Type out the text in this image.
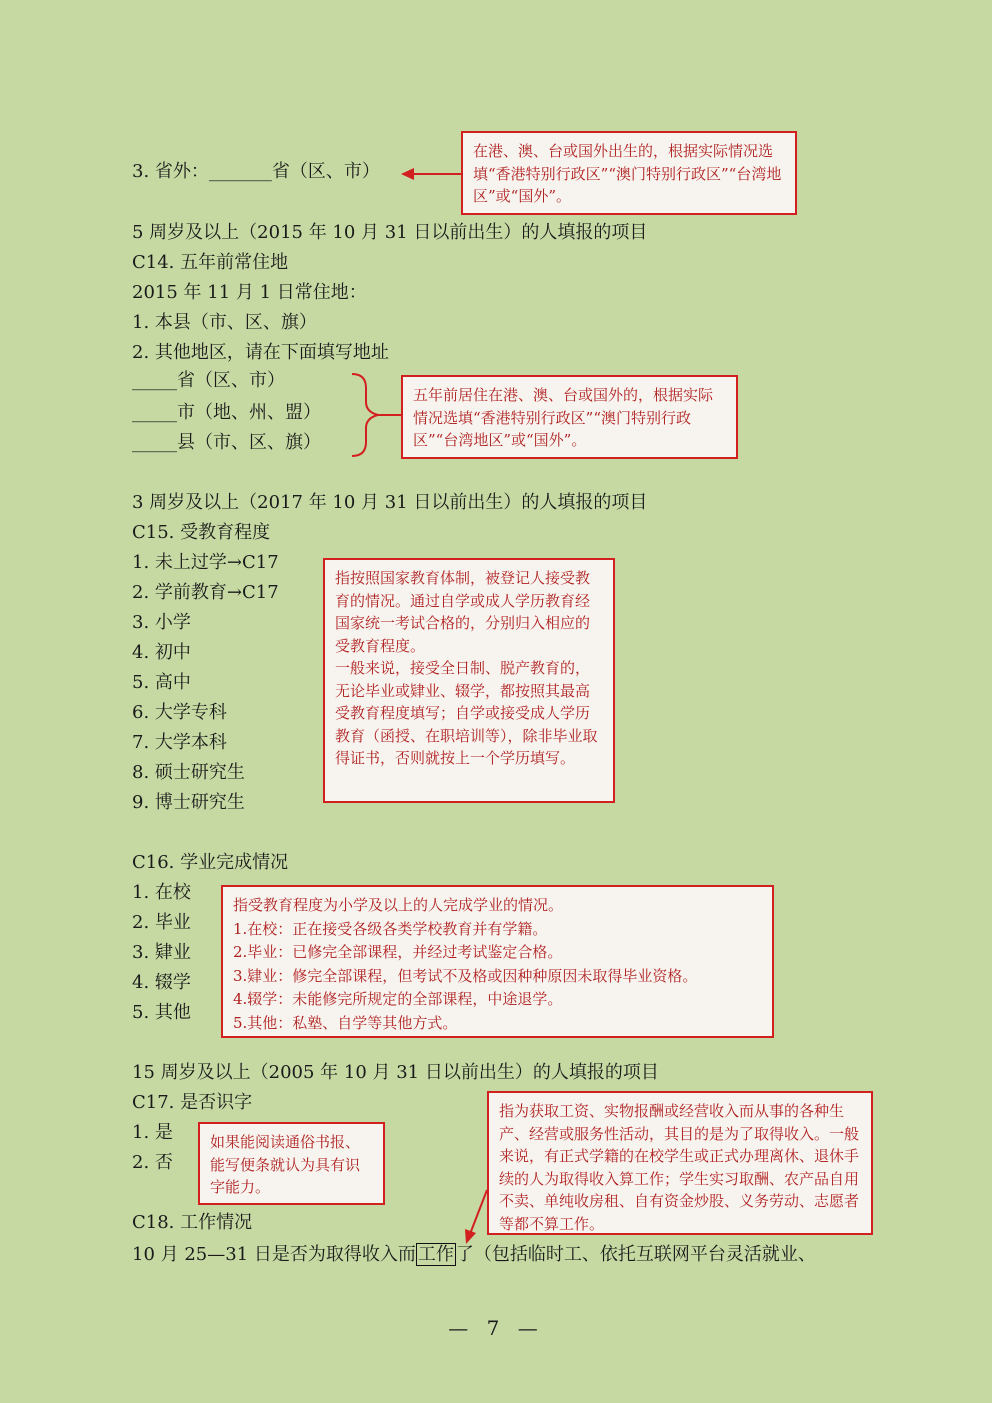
3. 省外：_______省（区、市）
5 周岁及以上（2015 年 10 月 31 日以前出生）的人填报的项目
C14. 五年前常住地
2015 年 11 月 1 日常住地：
1. 本县（市、区、旗）
2. 其他地区，请在下面填写地址
_____省（区、市）
_____市（地、州、盟）
_____县（市、区、旗）
3 周岁及以上（2017 年 10 月 31 日以前出生）的人填报的项目
C15. 受教育程度
1. 未上过学→C17
2. 学前教育→C17
3. 小学
4. 初中
5. 高中
6. 大学专科
7. 大学本科
8. 硕士研究生
9. 博士研究生
C16. 学业完成情况
1. 在校
2. 毕业
3. 肄业
4. 辍学
5. 其他
15 周岁及以上（2005 年 10 月 31 日以前出生）的人填报的项目
C17. 是否识字
1. 是
2. 否
C18. 工作情况
10 月 25—31 日是否为取得收入而 工作 了（包括临时工、依托互联网平台灵活就业、

在港、澳、台或国外出生的，根据实际情况选填“香港特别行政区”“澳门特别行政区”“台湾地区”或“国外”。

五年前居住在港、澳、台或国外的，根据实际情况选填“香港特别行政区”“澳门特别行政区”“台湾地区”或“国外”。

指按照国家教育体制，被登记人接受教育的情况。通过自学或成人学历教育经国家统一考试合格的，分别归入相应的受教育程度。

一般来说，接受全日制、脱产教育的，无论毕业或肄业、辍学，都按照其最高受教育程度填写；自学或接受成人学历教育（函授、在职培训等），除非毕业取得证书，否则就按上一个学历填写。

指受教育程度为小学及以上的人完成学业的情况。

1.在校：正在接受各级各类学校教育并有学籍。

2.毕业：已修完全部课程，并经过考试鉴定合格。

3.肄业：修完全部课程，但考试不及格或因种种原因未取得毕业资格。

4.辍学：未能修完所规定的全部课程，中途退学。

5.其他：私塾、自学等其他方式。

如果能阅读通俗书报、能写便条就认为具有识字能力。

指为获取工资、实物报酬或经营收入而从事的各种生产、经营或服务性活动，其目的是为了取得收入。一般来说，有正式学籍的在校学生或正式办理离休、退休手续的人为取得收入算工作；学生实习取酬、农产品自用不卖、单纯收房租、自有资金炒股、义务劳动、志愿者等都不算工作。

— 7 —
